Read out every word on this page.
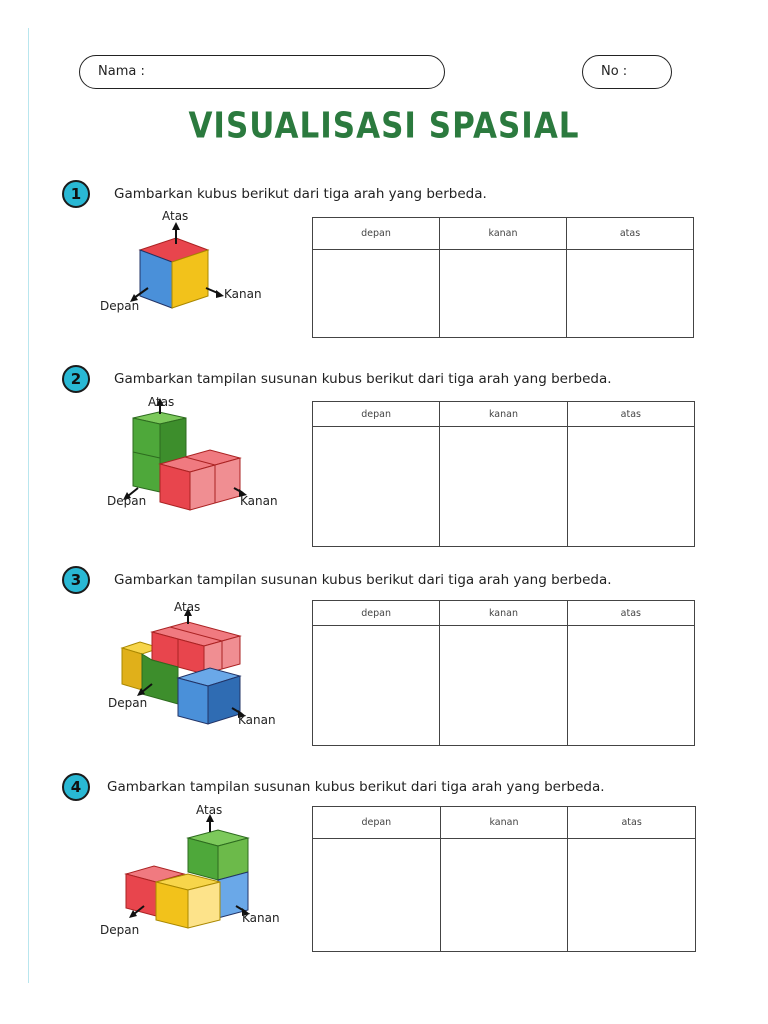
Nama :	No :
VISUALISASI SPASIAL
1	Gambarkan kubus berikut dari tiga arah yang berbeda.
Atas
Depan
Kanan
depan	kanan	atas

2	Gambarkan tampilan susunan kubus berikut dari tiga arah yang berbeda.
Atas
Depan	Kanan
depan	kanan	atas

3	Gambarkan tampilan susunan kubus berikut dari tiga arah yang berbeda.
Atas
Depan
Kanan
depan	kanan	atas

4	Gambarkan tampilan susunan kubus berikut dari tiga arah yang berbeda.
Atas
Depan
Kanan
depan	kanan	atas
